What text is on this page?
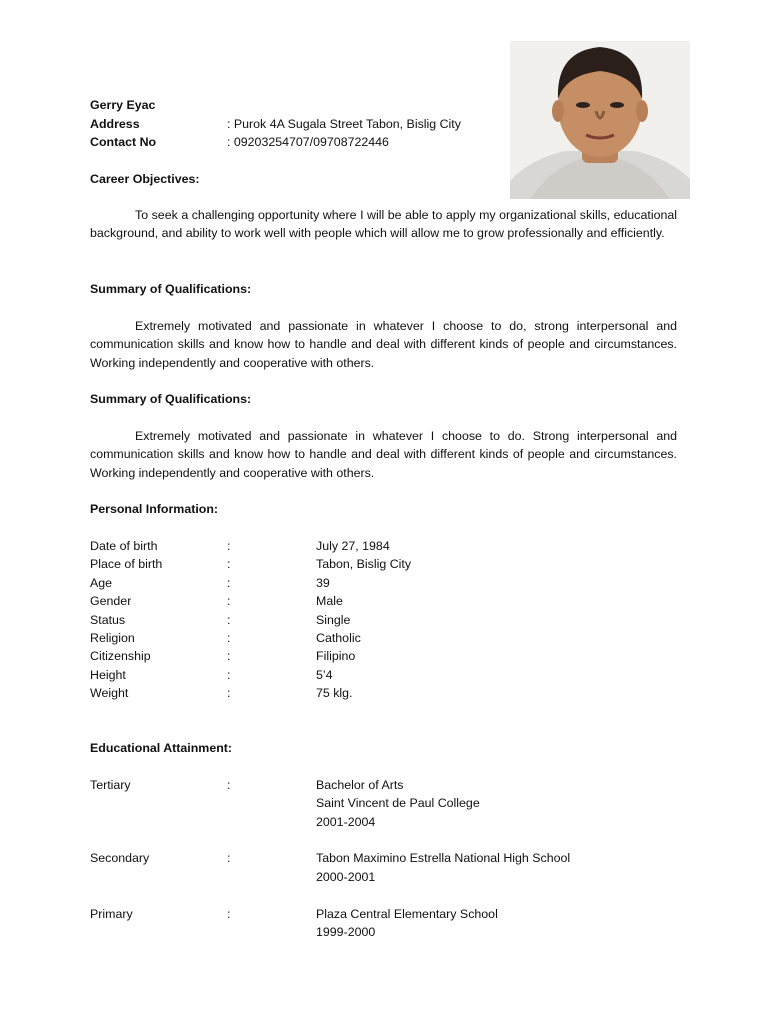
Gerry Eyac
Address	: Purok 4A Sugala Street Tabon, Bislig City
Contact No	: 09203254707/09708722446
Career Objectives:
To seek a challenging opportunity where I will be able to apply my organizational skills, educational background, and ability to work well with people which will allow me to grow professionally and efficiently.
Summary of Qualifications:
Extremely motivated and passionate in whatever I choose to do, strong interpersonal and communication skills and know how to handle and deal with different kinds of people and circumstances. Working independently and cooperative with others.
Summary of Qualifications:
Extremely motivated and passionate in whatever I choose to do. Strong interpersonal and communication skills and know how to handle and deal with different kinds of people and circumstances. Working independently and cooperative with others.
Personal Information:
Date of birth	:	July 27, 1984
Place of birth	:	Tabon, Bislig City
Age	:	39
Gender	:	Male
Status	:	Single
Religion	:	Catholic
Citizenship	:	Filipino
Height	:	5’4
Weight	:	75 klg.
Educational Attainment:
Tertiary	:	Bachelor of Arts
Saint Vincent de Paul College
2001-2004
Secondary	:	Tabon Maximino Estrella National High School
2000-2001
Primary	:	Plaza Central Elementary School
1999-2000
